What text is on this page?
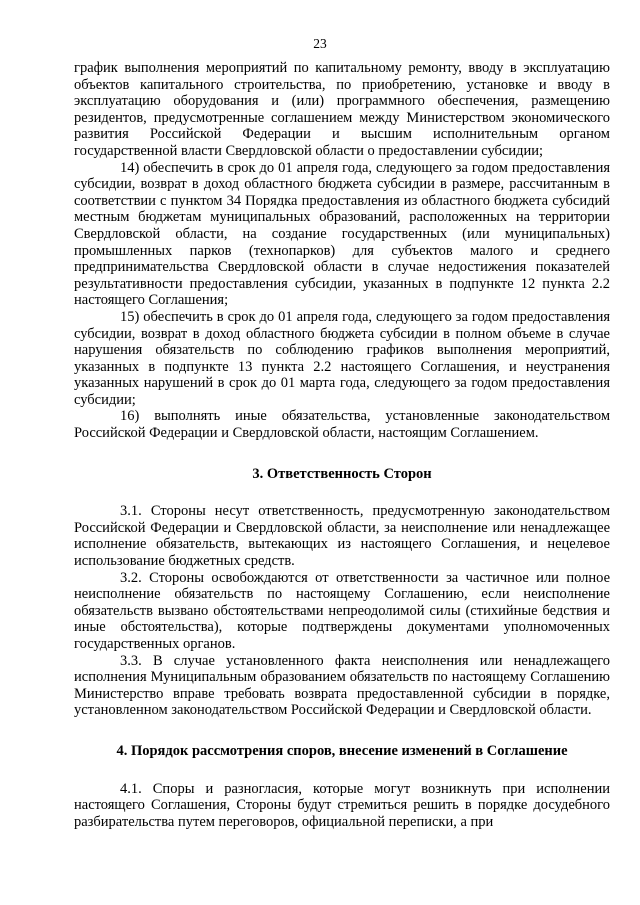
23

график выполнения мероприятий по капитальному ремонту, вводу в эксплуатацию объектов капитального строительства, по приобретению, установке и вводу в эксплуатацию оборудования и (или) программного обеспечения, размещению резидентов, предусмотренные соглашением между Министерством экономического развития Российской Федерации и высшим исполнительным органом государственной власти Свердловской области о предоставлении субсидии;

14) обеспечить в срок до 01 апреля года, следующего за годом предоставления субсидии, возврат в доход областного бюджета субсидии в размере, рассчитанным в соответствии с пунктом 34 Порядка предоставления из областного бюджета субсидий местным бюджетам муниципальных образований, расположенных на территории Свердловской области, на создание государственных (или муниципальных) промышленных парков (технопарков) для субъектов малого и среднего предпринимательства Свердловской области в случае недостижения показателей результативности предоставления субсидии, указанных в подпункте 12 пункта 2.2 настоящего Соглашения;

15) обеспечить в срок до 01 апреля года, следующего за годом предоставления субсидии, возврат в доход областного бюджета субсидии в полном объеме в случае нарушения обязательств по соблюдению графиков выполнения мероприятий, указанных в подпункте 13 пункта 2.2 настоящего Соглашения, и неустранения указанных нарушений в срок до 01 марта года, следующего за годом предоставления субсидии;

16) выполнять иные обязательства, установленные законодательством Российской Федерации и Свердловской области, настоящим Соглашением.

3. Ответственность Сторон

3.1. Стороны несут ответственность, предусмотренную законодательством Российской Федерации и Свердловской области, за неисполнение или ненадлежащее исполнение обязательств, вытекающих из настоящего Соглашения, и нецелевое использование бюджетных средств.

3.2. Стороны освобождаются от ответственности за частичное или полное неисполнение обязательств по настоящему Соглашению, если неисполнение обязательств вызвано обстоятельствами непреодолимой силы (стихийные бедствия и иные обстоятельства), которые подтверждены документами уполномоченных государственных органов.

3.3. В случае установленного факта неисполнения или ненадлежащего исполнения Муниципальным образованием обязательств по настоящему Соглашению Министерство вправе требовать возврата предоставленной субсидии в порядке, установленном законодательством Российской Федерации и Свердловской области.

4. Порядок рассмотрения споров, внесение изменений в Соглашение

4.1. Споры и разногласия, которые могут возникнуть при исполнении настоящего Соглашения, Стороны будут стремиться решить в порядке досудебного разбирательства путем переговоров, официальной переписки, а при
